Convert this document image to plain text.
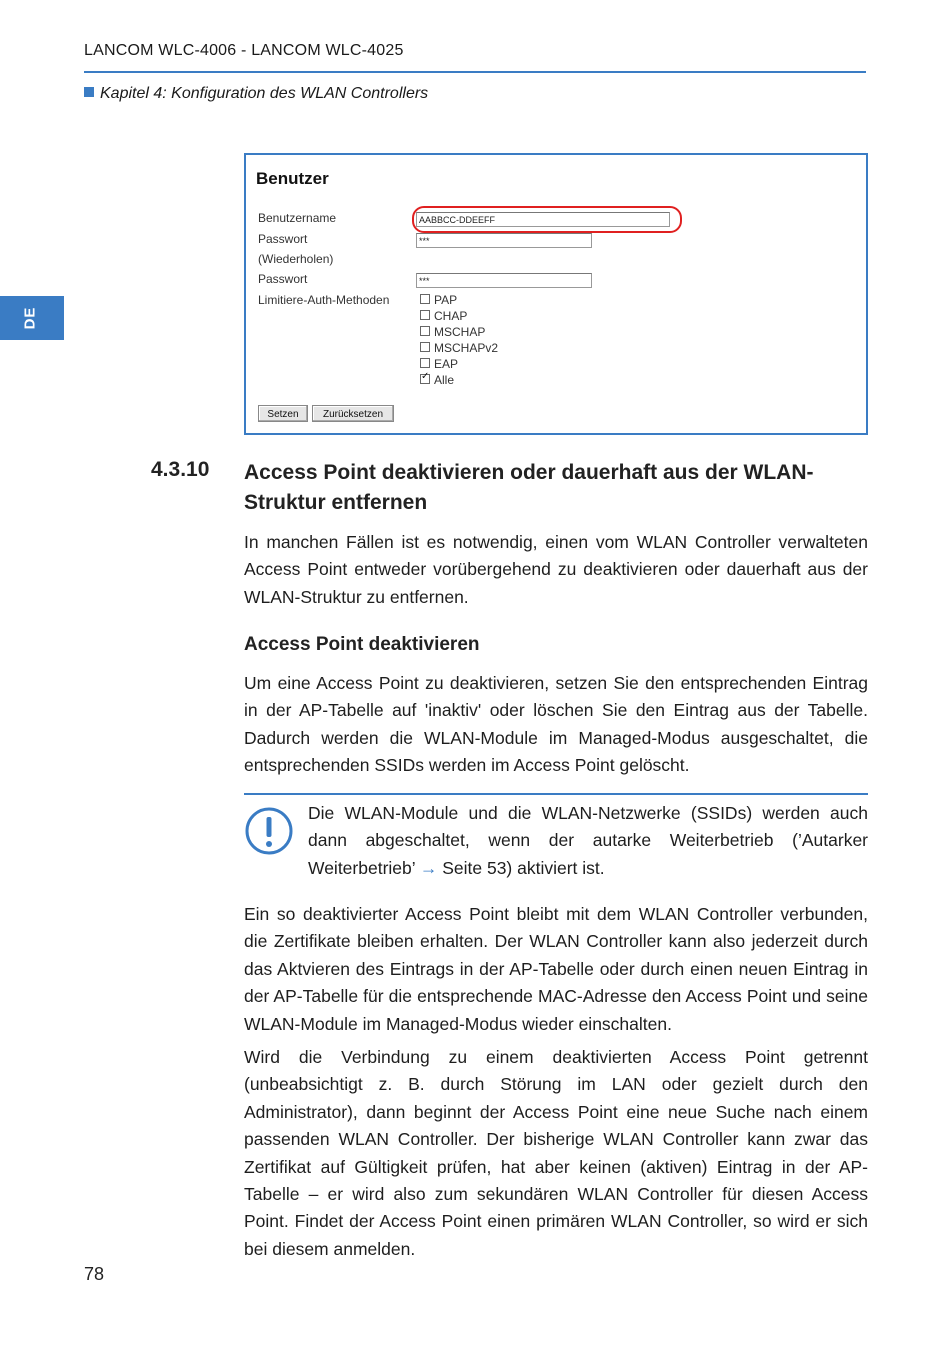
LANCOM WLC-4006 - LANCOM WLC-4025
Kapitel 4: Konfiguration des WLAN Controllers
DE
Benutzer
Benutzername	AABBCC-DDEEFF
Passwort	***
(Wiederholen)
Passwort	***
Limitiere-Auth-Methoden	PAP
CHAP
MSCHAP
MSCHAPv2
EAP
✓Alle
Setzen	Zurücksetzen
4.3.10 Access Point deaktivieren oder dauerhaft aus der WLAN-Struktur entfernen
In manchen Fällen ist es notwendig, einen vom WLAN Controller verwalteten Access Point entweder vorübergehend zu deaktivieren oder dauerhaft aus der WLAN-Struktur zu entfernen.
Access Point deaktivieren
Um eine Access Point zu deaktivieren, setzen Sie den entsprechenden Eintrag in der AP-Tabelle auf 'inaktiv' oder löschen Sie den Eintrag aus der Tabelle. Dadurch werden die WLAN-Module im Managed-Modus ausgeschaltet, die entsprechenden SSIDs werden im Access Point gelöscht.
Die WLAN-Module und die WLAN-Netzwerke (SSIDs) werden auch dann abgeschaltet, wenn der autarke Weiterbetrieb (’Autarker Weiterbetrieb’ → Seite 53) aktiviert ist.
Ein so deaktivierter Access Point bleibt mit dem WLAN Controller verbunden, die Zertifikate bleiben erhalten. Der WLAN Controller kann also jederzeit durch das Aktvieren des Eintrags in der AP-Tabelle oder durch einen neuen Eintrag in der AP-Tabelle für die entsprechende MAC-Adresse den Access Point und seine WLAN-Module im Managed-Modus wieder einschalten.
Wird die Verbindung zu einem deaktivierten Access Point getrennt (unbeabsichtigt z. B. durch Störung im LAN oder gezielt durch den Administrator), dann beginnt der Access Point eine neue Suche nach einem passenden WLAN Controller. Der bisherige WLAN Controller kann zwar das Zertifikat auf Gültigkeit prüfen, hat aber keinen (aktiven) Eintrag in der AP-Tabelle – er wird also zum sekundären WLAN Controller für diesen Access Point. Findet der Access Point einen primären WLAN Controller, so wird er sich bei diesem anmelden.
78
